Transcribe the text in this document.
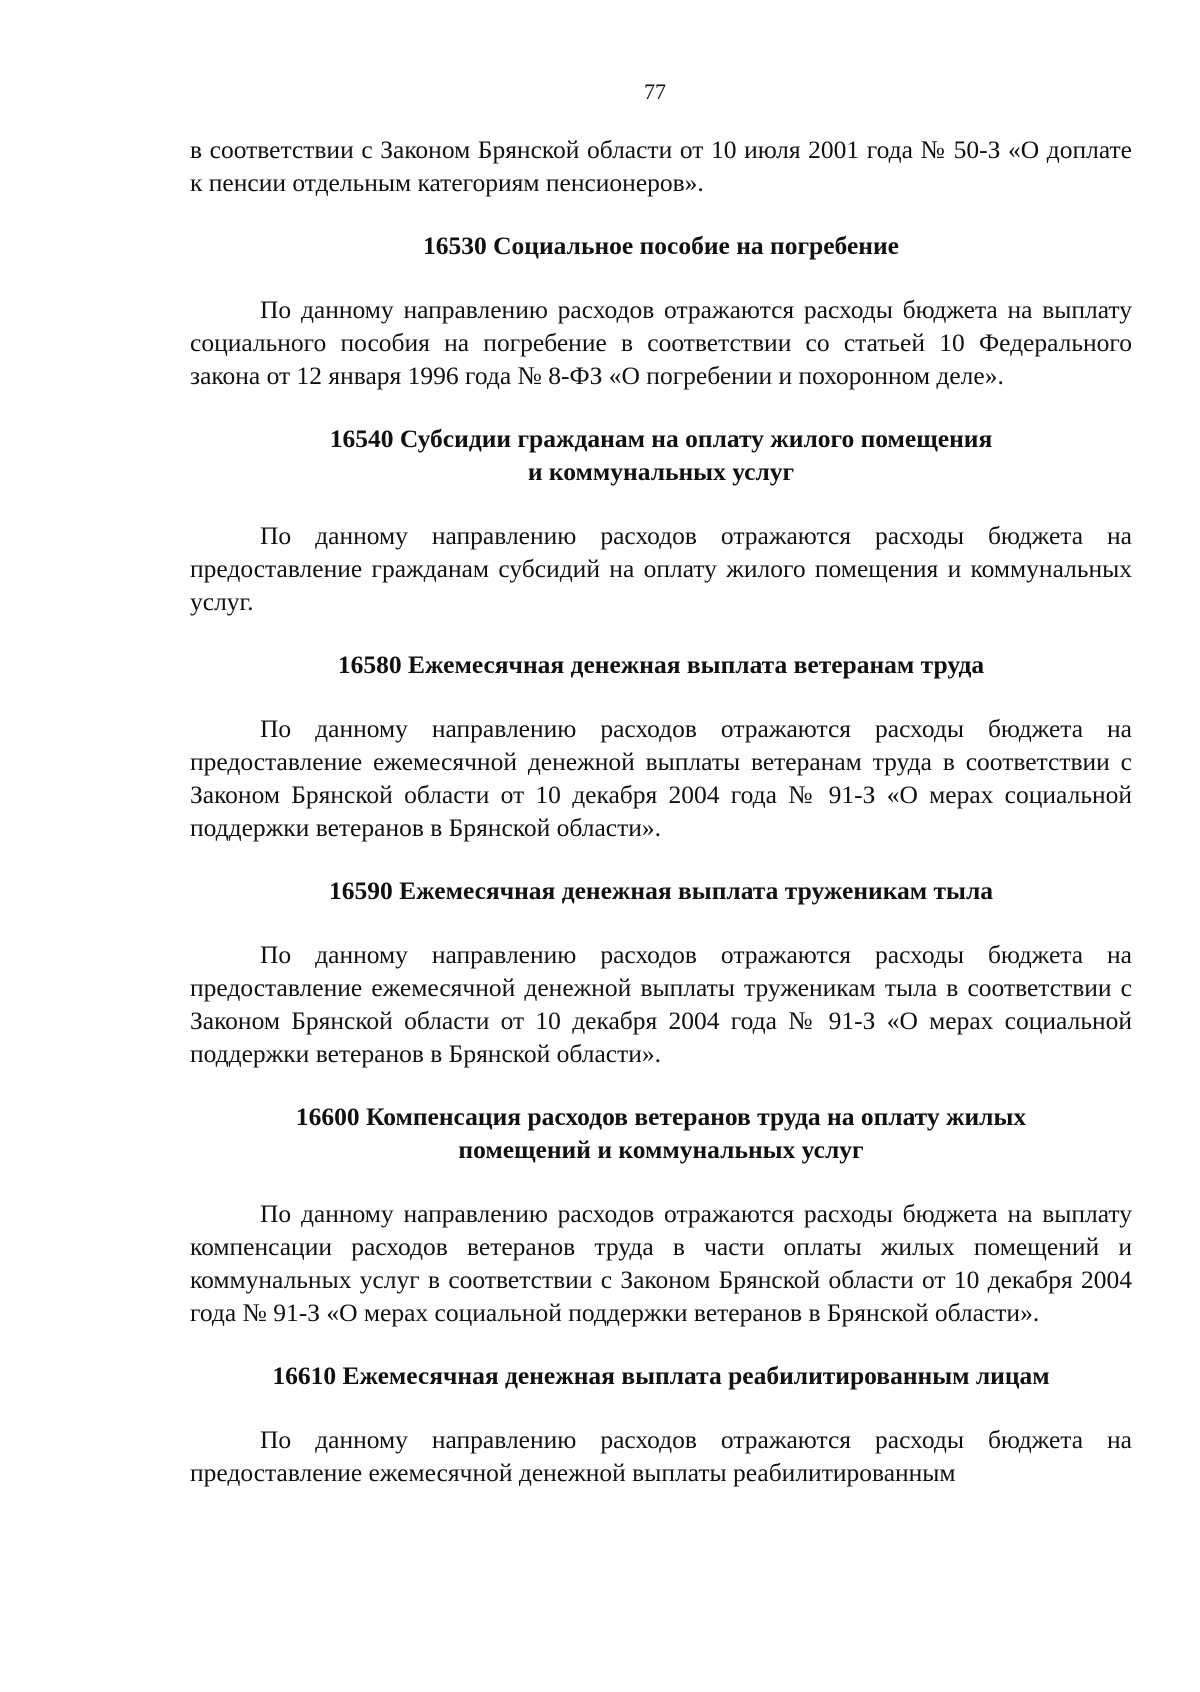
77

в соответствии с Законом Брянской области от 10 июля 2001 года № 50-З «О доплате к пенсии отдельным категориям пенсионеров».

16530 Социальное пособие на погребение

По данному направлению расходов отражаются расходы бюджета на выплату социального пособия на погребение в соответствии со статьей 10 Федерального закона от 12 января 1996 года № 8-ФЗ «О погребении и похоронном деле».

16540 Субсидии гражданам на оплату жилого помещения
и коммунальных услуг

По данному направлению расходов отражаются расходы бюджета на предоставление гражданам субсидий на оплату жилого помещения и коммунальных услуг.

16580 Ежемесячная денежная выплата ветеранам труда

По данному направлению расходов отражаются расходы бюджета на предоставление ежемесячной денежной выплаты ветеранам труда в соответствии с Законом Брянской области от 10 декабря 2004 года № 91-З «О мерах социальной поддержки ветеранов в Брянской области».

16590 Ежемесячная денежная выплата труженикам тыла

По данному направлению расходов отражаются расходы бюджета на предоставление ежемесячной денежной выплаты труженикам тыла в соответствии с Законом Брянской области от 10 декабря 2004 года № 91-З «О мерах социальной поддержки ветеранов в Брянской области».

16600 Компенсация расходов ветеранов труда на оплату жилых
помещений и коммунальных услуг

По данному направлению расходов отражаются расходы бюджета на выплату компенсации расходов ветеранов труда в части оплаты жилых помещений и коммунальных услуг в соответствии с Законом Брянской области от 10 декабря 2004 года № 91-З «О мерах социальной поддержки ветеранов в Брянской области».

16610 Ежемесячная денежная выплата реабилитированным лицам

По данному направлению расходов отражаются расходы бюджета на предоставление ежемесячной денежной выплаты реабилитированным
